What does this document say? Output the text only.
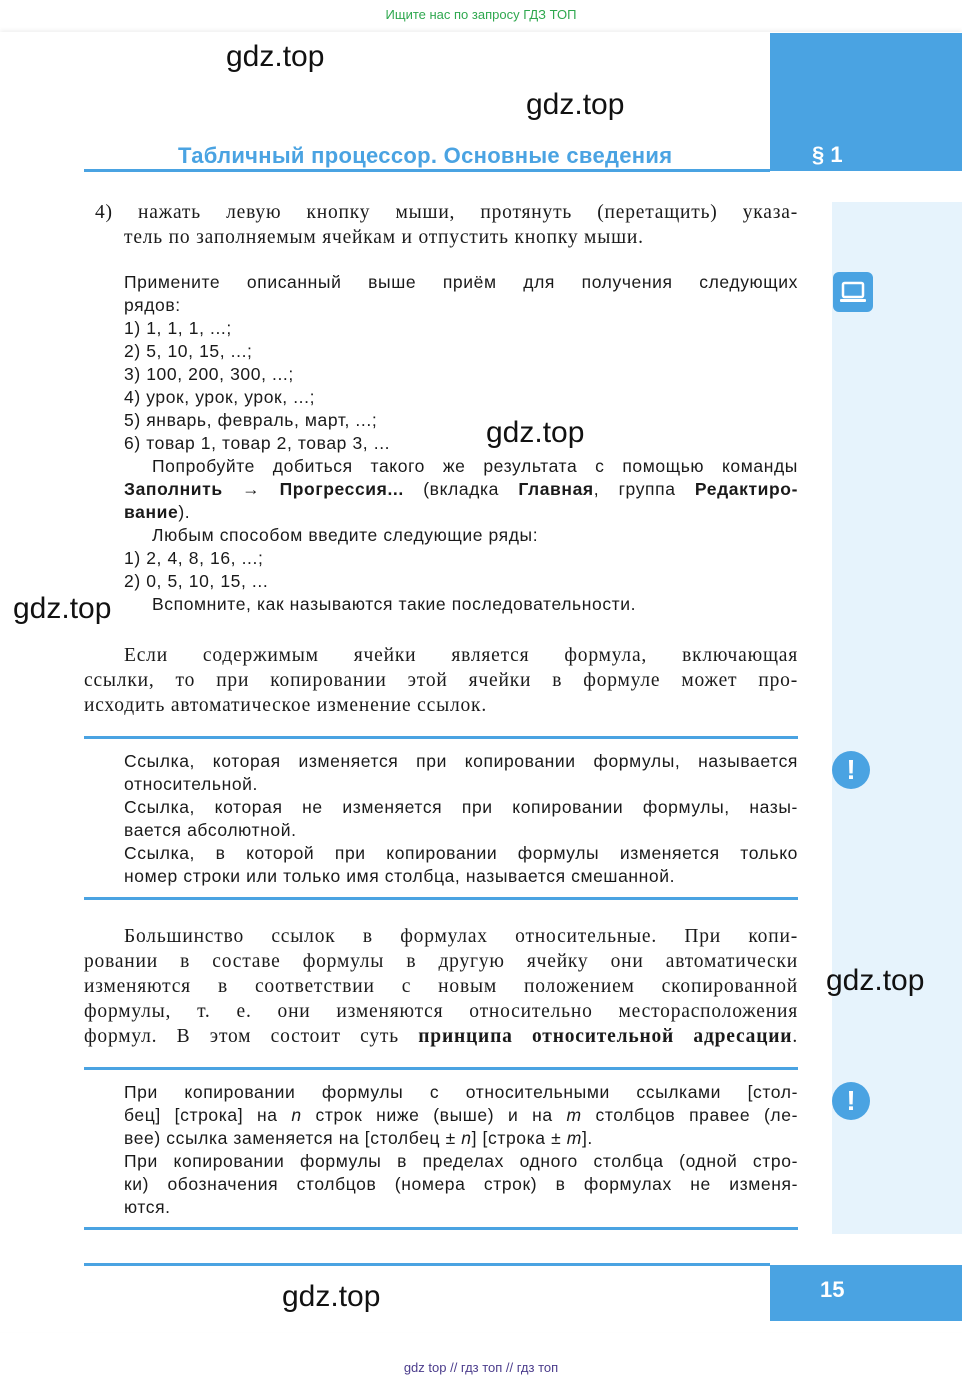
Ищите нас по запросу ГДЗ ТОП
§ 1
Табличный процессор. Основные сведения
gdz.top
gdz.top
gdz.top
gdz.top
gdz.top
gdz.top
4) нажать левую кнопку мыши, протянуть (перетащить) указа-
тель по заполняемым ячейкам и отпустить кнопку мыши.
Примените описанный выше приём для получения следующих
рядов:
1) 1, 1, 1, ...;
2) 5, 10, 15, ...;
3) 100, 200, 300, ...;
4) урок, урок, урок, ...;
5) январь, февраль, март, ...;
6) товар 1, товар 2, товар 3, ...
Попробуйте добиться такого же результата с помощью команды
Заполнить → Прогрессия... (вкладка Главная, группа Редактиро-
вание).
Любым способом введите следующие ряды:
1) 2, 4, 8, 16, ...;
2) 0, 5, 10, 15, ...
Вспомните, как называются такие последовательности.
Если содержимым ячейки является формула, включающая
ссылки, то при копировании этой ячейки в формуле может про-
исходить автоматическое изменение ссылок.
Ссылка, которая изменяется при копировании формулы, называется
относительной.
Ссылка, которая не изменяется при копировании формулы, назы-
вается абсолютной.
Ссылка, в которой при копировании формулы изменяется только
номер строки или только имя столбца, называется смешанной.
!
Большинство ссылок в формулах относительные. При копи-
ровании в составе формулы в другую ячейку они автоматически
изменяются в соответствии с новым положением скопированной
формулы, т. е. они изменяются относительно месторасположения
формул. В этом состоит суть принципа относительной адресации.
При копировании формулы с относительными ссылками [стол-
бец] [строка] на n строк ниже (выше) и на m столбцов правее (ле-
вее) ссылка заменяется на [столбец ± n] [строка ± m].
При копировании формулы в пределах одного столбца (одной стро-
ки) обозначения столбцов (номера строк) в формулах не изменя-
ются.
!
15
gdz top // гдз топ // гдз топ
